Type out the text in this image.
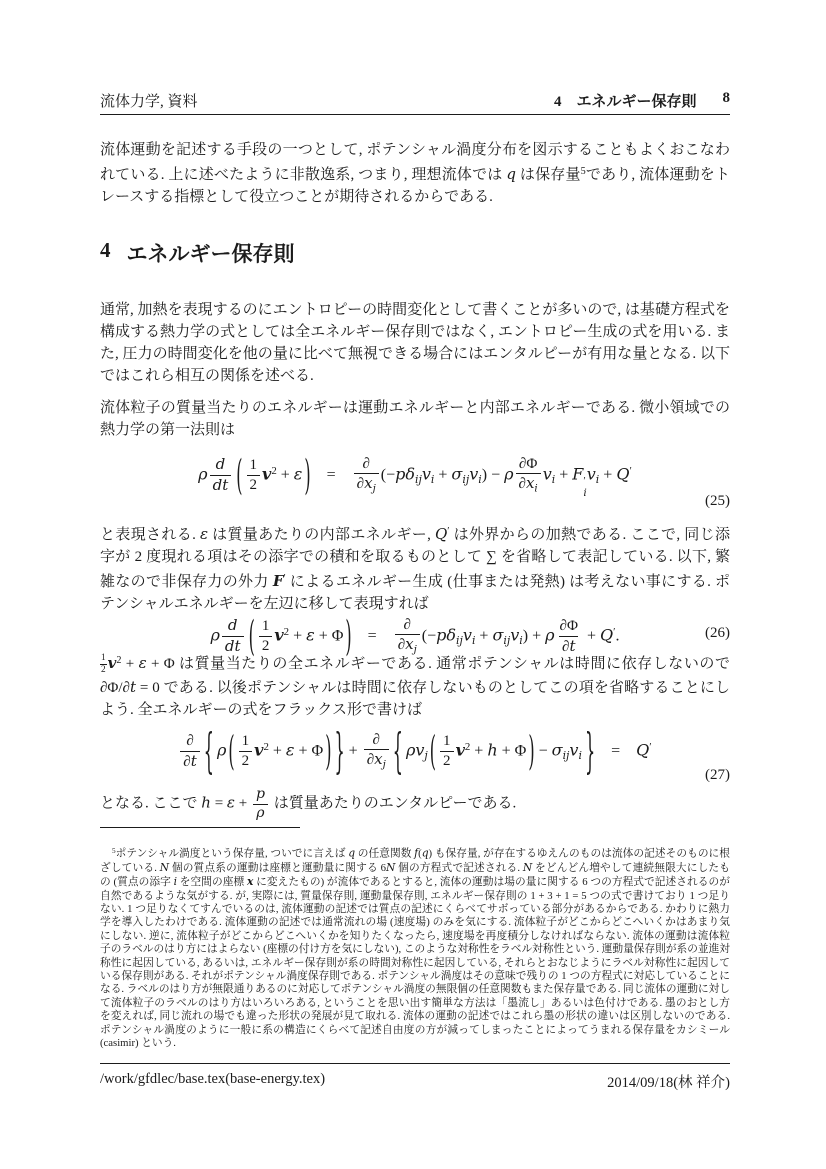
流体力学, 資料	4　エネルギー保存則 8

流体運動を記述する手段の一つとして, ポテンシャル渦度分布を図示することもよくおこなわれている. 上に述べたように非散逸系, つまり, 理想流体では q は保存量$^5$であり, 流体運動をトレースする指標として役立つことが期待されるからである.

4 エネルギー保存則

通常, 加熱を表現するのにエントロピーの時間変化として書くことが多いので, は基礎方程式を構成する熱力学の式としては全エネルギー保存則ではなく, エントロピー生成の式を用いる. また, 圧力の時間変化を他の量に比べて無視できる場合にはエンタルピーが有用な量となる. 以下ではこれら相互の関係を述べる.

流体粒子の質量当たりのエネルギーは運動エネルギーと内部エネルギーである. 微小領域での熱力学の第一法則は

ρ $\frac{d}{dt}$ ( $\frac{1}{2} v^2 + \varepsilon$ ) = $\frac{\partial}{\partial x_j} (-p\delta_{ij}v_i + \sigma_{ij}v_i) - \rho \frac{\partial\Phi}{\partial x_i} v_i + F$ ′
i
$v_i + Q'$
(25)

と表現される. ε は質量あたりの内部エネルギー, Q′ は外界からの加熱である. ここで, 同じ添字が 2 度現れる項はその添字での積和を取るものとして ∑ を省略して表記している. 以下, 繁雑なので非保存力の外力 F′ によるエネルギー生成 (仕事または発熱) は考えない事にする. ポテンシャルエネルギーを左辺に移して表現すれば

ρ $\frac{d}{dt}$ ( $\frac{1}{2} v^2 + \varepsilon + \Phi$ ) = $\frac{\partial}{\partial x_j} (-p\delta_{ij}v_i + \sigma_{ij}v_i) + \rho \frac{\partial\Phi}{\partial t} + Q'$.	(26)

$\frac{1}{2} v^2 + \varepsilon + \Phi$ は質量当たりの全エネルギーである. 通常ポテンシャルは時間に依存しないので ∂Φ/∂t = 0 である. 以後ポテンシャルは時間に依存しないものとしてこの項を省略することにしよう. 全エネルギーの式をフラックス形で書けば

$\frac{\partial}{\partial t}$ { ρ ( $\frac{1}{2} v^2 + \varepsilon + \Phi$ ) } + $\frac{\partial}{\partial x_j}$ { $\rho v_j$ ( $\frac{1}{2} v^2 + h + \Phi$ ) − $\sigma_{ij}v_i$ } = Q′
(27)

となる. ここで $h = \varepsilon + \frac{p}{\rho}$ は質量あたりのエンタルピーである.

$^5$ポテンシャル渦度という保存量, ついでに言えば q の任意関数 f(q) も保存量, が存在するゆえんのものは流体の記述そのものに根ざしている. N 個の質点系の運動は座標と運動量に関する 6N 個の方程式で記述される. N をどんどん増やして連続無限大にしたもの (質点の添字 i を空間の座標 x に変えたもの) が流体であるとすると, 流体の運動は場の量に関する 6 つの方程式で記述されるのが自然であるような気がする. が, 実際には, 質量保存則, 運動量保存則, エネルギー保存則の 1 + 3 + 1 = 5 つの式で書けており 1 つ足りない. 1 つ足りなくてすんでいるのは, 流体運動の記述では質点の記述にくらべてサボっている部分があるからである. かわりに熱力学を導入したわけである. 流体運動の記述では通常流れの場 (速度場) のみを気にする. 流体粒子がどこからどこへいくかはあまり気にしない. 逆に, 流体粒子がどこからどこへいくかを知りたくなったら, 速度場を再度積分しなければならない. 流体の運動は流体粒子のラベルのはり方にはよらない (座標の付け方を気にしない), このような対称性をラベル対称性という. 運動量保存則が系の並進対称性に起因している, あるいは, エネルギー保存則が系の時間対称性に起因している, それらとおなじようにラベル対称性に起因している保存則がある. それがポテンシャル渦度保存則である. ポテンシャル渦度はその意味で残りの 1 つの方程式に対応していることになる. ラベルのはり方が無限通りあるのに対応してポテンシャル渦度の無限個の任意関数もまた保存量である. 同じ流体の運動に対して流体粒子のラベルのはり方はいろいろある, ということを思い出す簡単な方法は「墨流し」あるいは色付けである. 墨のおとし方を変えれば, 同じ流れの場でも違った形状の発展が見て取れる. 流体の運動の記述ではこれら墨の形状の違いは区別しないのである. ポテンシャル渦度のように一般に系の構造にくらべて記述自由度の方が減ってしまったことによってうまれる保存量をカシミール (casimir) という.

/work/gfdlec/base.tex(base-energy.tex)	2014/09/18(林 祥介)
